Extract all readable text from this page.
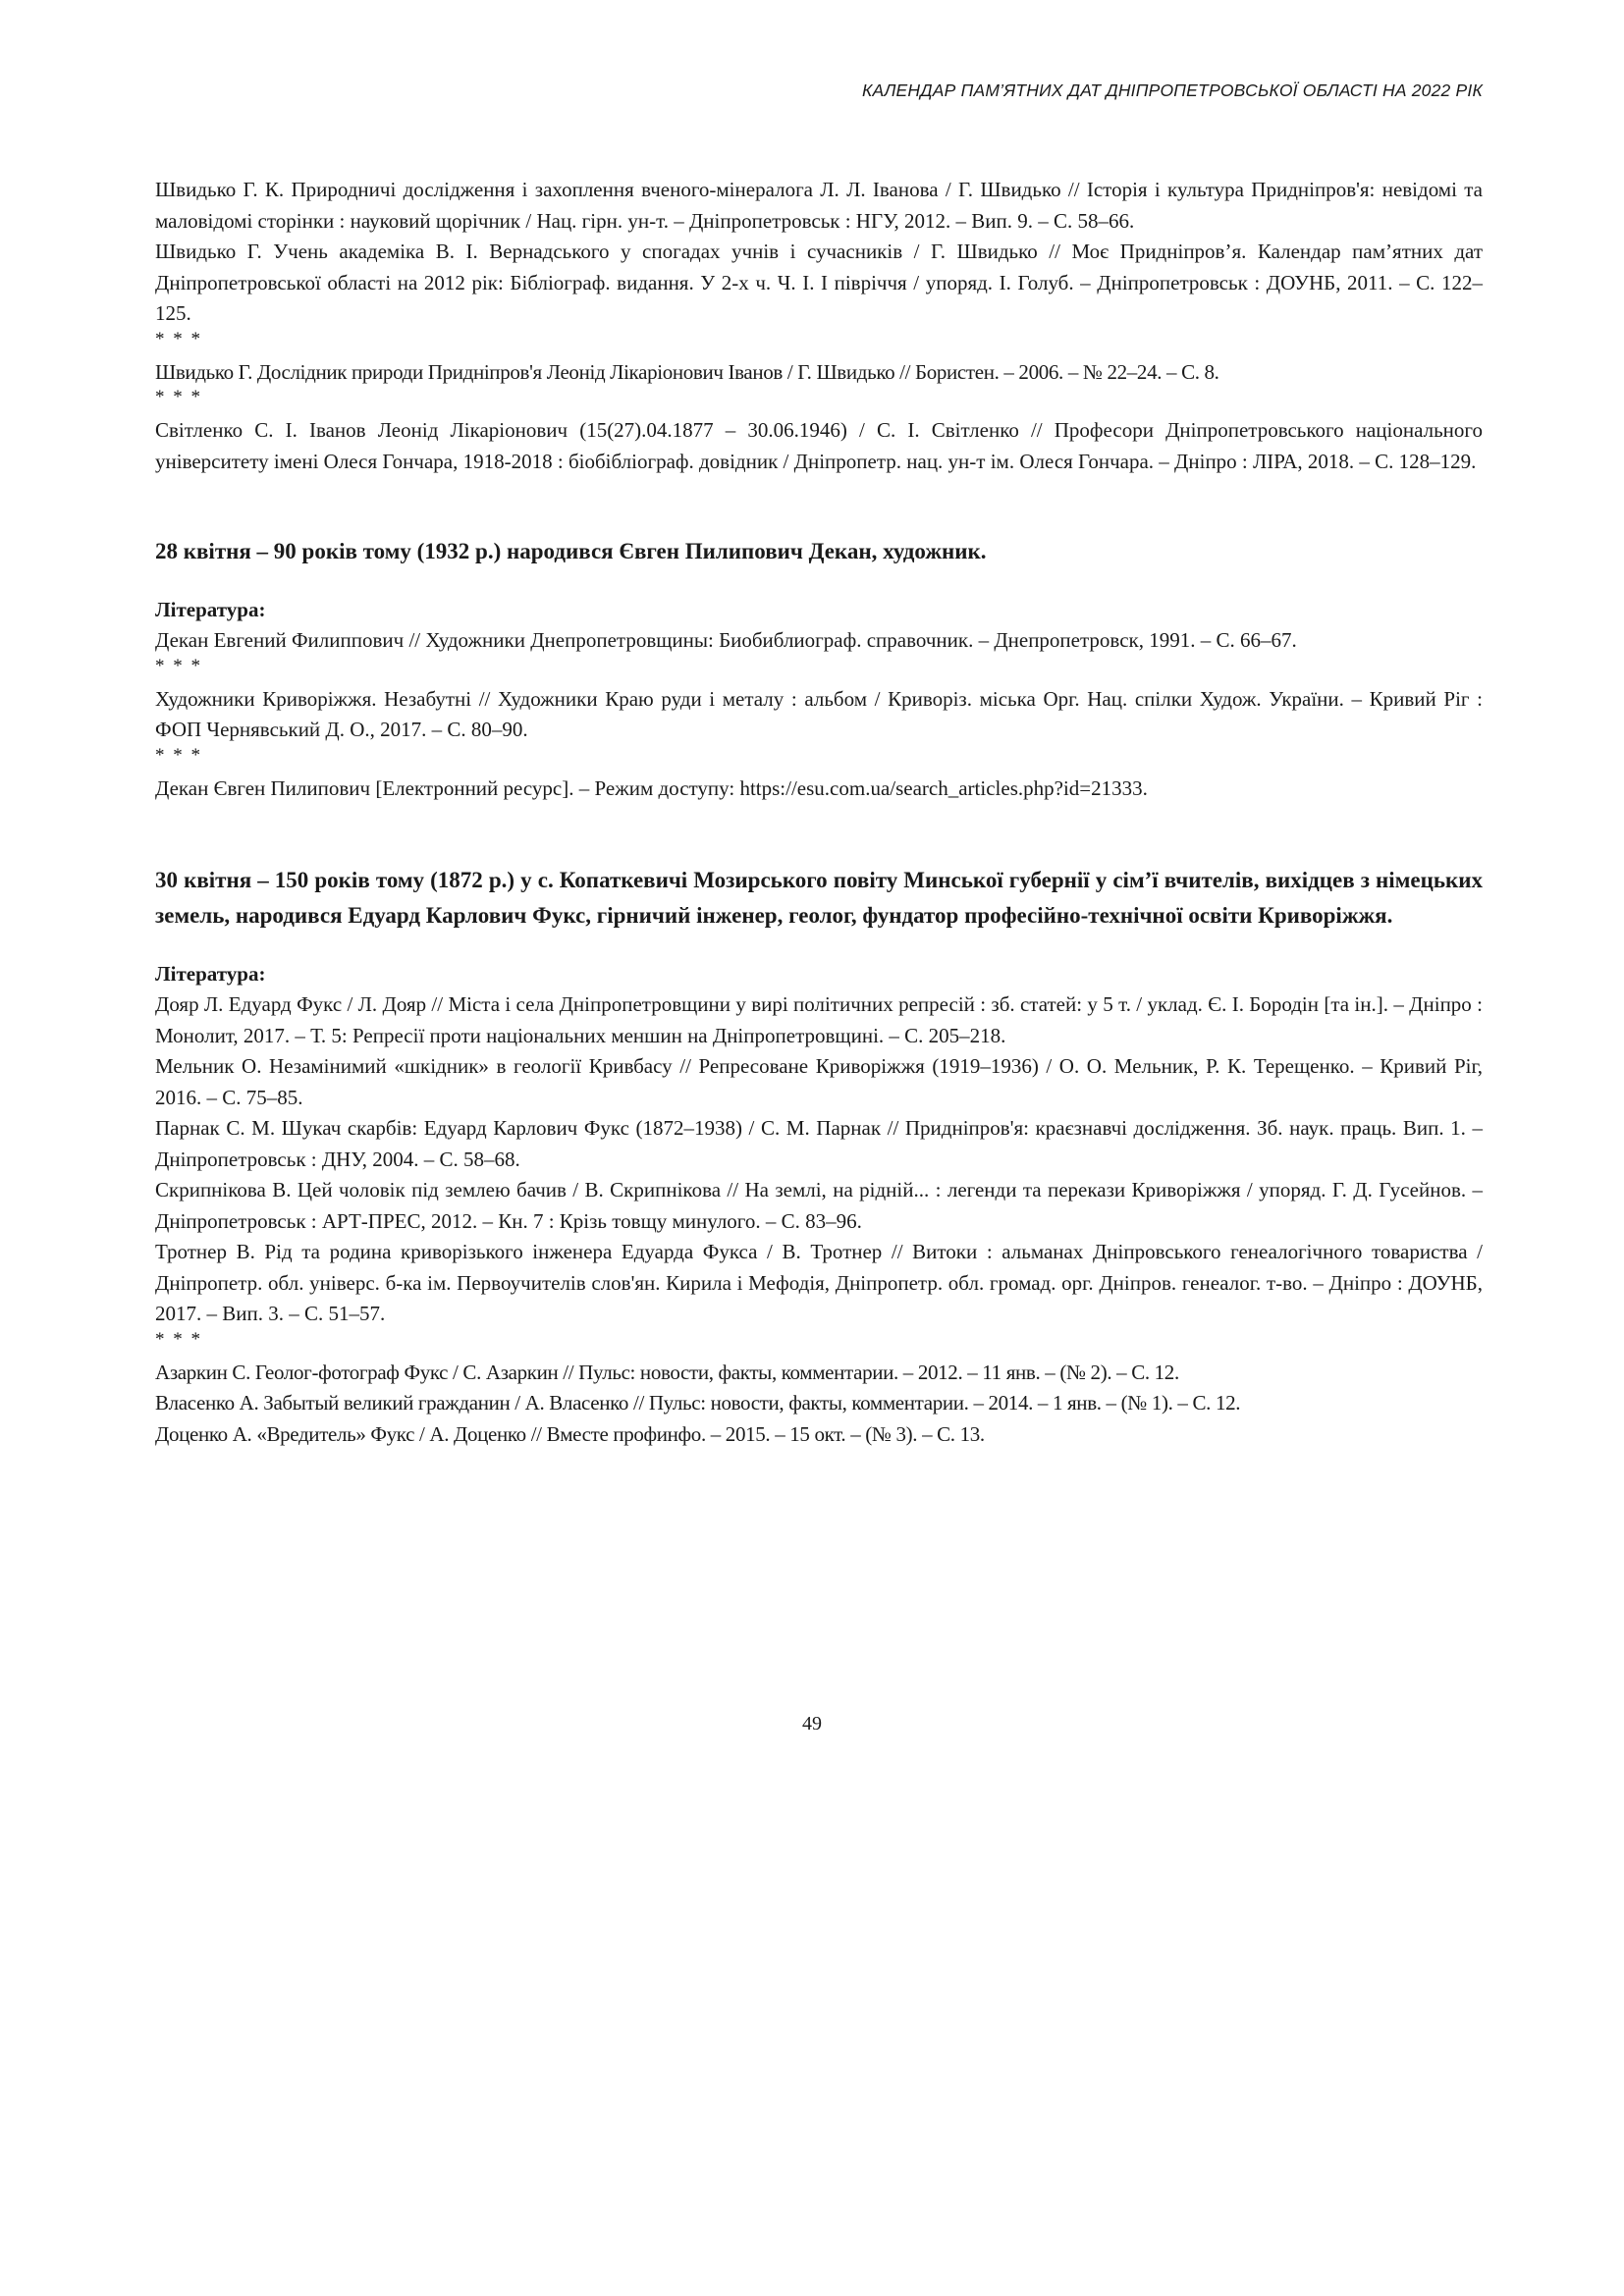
КАЛЕНДАР ПАМ’ЯТНИХ ДАТ ДНІПРОПЕТРОВСЬКОЇ ОБЛАСТІ НА 2022 РІК

Швидько Г. К. Природничі дослідження і захоплення вченого-мінералога Л. Л. Іванова / Г. Швидько // Історія і культура Придніпров'я: невідомі та маловідомі сторінки : науковий щорічник / Нац. гірн. ун-т. – Дніпропетровськ : НГУ, 2012. – Вип. 9. – С. 58–66.

Швидько Г. Учень академіка В. І. Вернадського у спогадах учнів і сучасників / Г. Швидько // Моє Придніпров’я. Календар пам’ятних дат Дніпропетровської області на 2012 рік: Бібліограф. видання. У 2-х ч. Ч. І. І півріччя / упоряд. І. Голуб. – Дніпропетровськ : ДОУНБ, 2011. – С. 122–125.

* * *

Швидько Г. Дослідник природи Придніпров'я Леонід Лікаріонович Іванов / Г. Швидько // Бористен. – 2006. – № 22–24. – С. 8.

* * *

Світленко С. І. Іванов Леонід Лікаріонович (15(27).04.1877 – 30.06.1946) / С. І. Світленко // Професори Дніпропетровського національного університету імені Олеся Гончара, 1918-2018 : біобібліограф. довідник / Дніпропетр. нац. ун-т ім. Олеся Гончара. – Дніпро : ЛІРА, 2018. – С. 128–129.

28 квітня – 90 років тому (1932 р.) народився Євген Пилипович Декан, художник.

Література:

Декан Евгений Филиппович // Художники Днепропетровщины: Биобиблиограф. справочник. – Днепропетровск, 1991. – С. 66–67.

* * *

Художники Криворіжжя. Незабутні // Художники Краю руди і металу : альбом / Криворіз. міська Орг. Нац. спілки Худож. України. – Кривий Ріг : ФОП Чернявський Д. О., 2017. – С. 80–90.

* * *

Декан Євген Пилипович [Електронний ресурс]. – Режим доступу: https://esu.com.ua/search_articles.php?id=21333.

30 квітня – 150 років тому (1872 р.) у с. Копаткевичі Мозирського повіту Минської губернії у сім’ї вчителів, вихідцев з німецьких земель, народився Едуард Карлович Фукс, гірничий інженер, геолог, фундатор професійно-технічної освіти Криворіжжя.

Література:

Дояр Л. Едуард Фукс / Л. Дояр // Міста і села Дніпропетровщини у вирі політичних репресій : зб. статей: у 5 т. / уклад. Є. І. Бородін [та ін.]. – Дніпро : Монолит, 2017. – Т. 5: Репресії проти національних меншин на Дніпропетровщині. – С. 205–218.

Мельник О. Незамінимий «шкідник» в геології Кривбасу // Репресоване Криворіжжя (1919–1936) / О. О. Мельник, Р. К. Терещенко. – Кривий Ріг, 2016. – С. 75–85.

Парнак С. М. Шукач скарбів: Едуард Карлович Фукс (1872–1938) / С. М. Парнак // Придніпров'я: краєзнавчі дослідження. Зб. наук. праць. Вип. 1. – Дніпропетровськ : ДНУ, 2004. – С. 58–68.

Скрипнікова В. Цей чоловік під землею бачив / В. Скрипнікова // На землі, на рідній... : легенди та перекази Криворіжжя / упоряд. Г. Д. Гусейнов. – Дніпропетровськ : АРТ-ПРЕС, 2012. – Кн. 7 : Крізь товщу минулого. – С. 83–96.

Тротнер В. Рід та родина криворізького інженера Едуарда Фукса / В. Тротнер // Витоки : альманах Дніпровського генеалогічного товариства / Дніпропетр. обл. універс. б-ка ім. Первоучителів слов'ян. Кирила і Мефодія, Дніпропетр. обл. громад. орг. Дніпров. генеалог. т-во. – Дніпро : ДОУНБ, 2017. – Вип. 3. – С. 51–57.

* * *

Азаркин С. Геолог-фотограф Фукс / С. Азаркин // Пульс: новости, факты, комментарии. – 2012. – 11 янв. – (№ 2). – С. 12.

Власенко А. Забытый великий гражданин / А. Власенко // Пульс: новости, факты, комментарии. – 2014. – 1 янв. – (№ 1). – С. 12.

Доценко А. «Вредитель» Фукс / А. Доценко // Вместе профинфо. – 2015. – 15 окт. – (№ 3). – С. 13.

49
